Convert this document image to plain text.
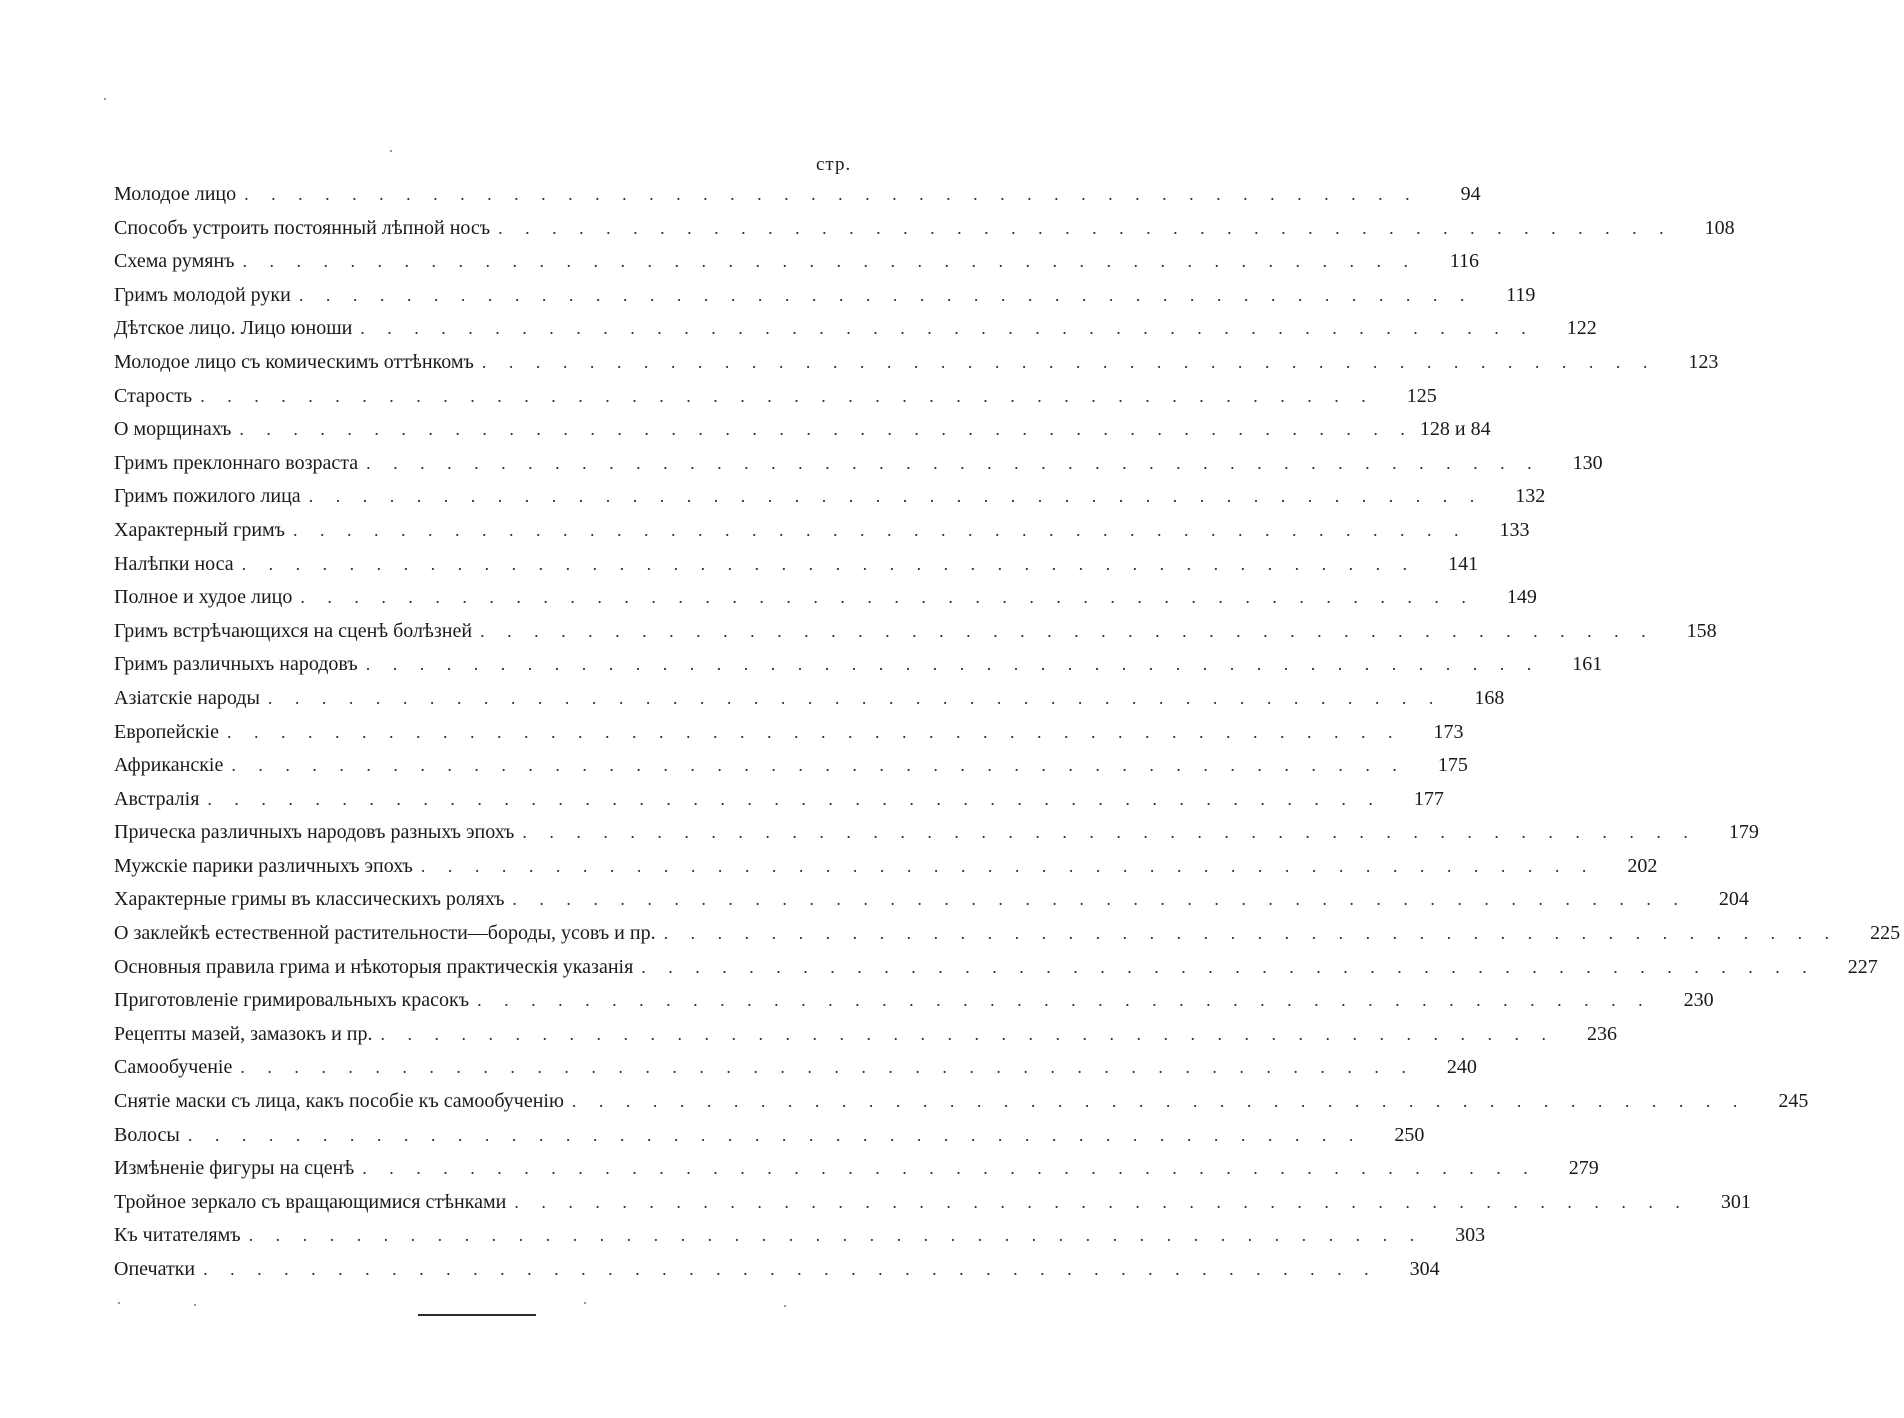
стр.
Молодое лицо . . . . . . . . . . . . . . . . . . . . . . . . . . . . . . . . . . . . . . . . . . . .	94
Способъ устроить постоянный лѣпной носъ . . . . . . . . . . . . . . . . . . . . . . . . . . . . . . . . . . . . . . . . . . . .	108
Схема румянъ . . . . . . . . . . . . . . . . . . . . . . . . . . . . . . . . . . . . . . . . . . . .	116
Гримъ молодой руки . . . . . . . . . . . . . . . . . . . . . . . . . . . . . . . . . . . . . . . . . . . .	119
Дѣтское лицо. Лицо юноши . . . . . . . . . . . . . . . . . . . . . . . . . . . . . . . . . . . . . . . . . . . .	122
Молодое лицо съ комическимъ оттѣнкомъ . . . . . . . . . . . . . . . . . . . . . . . . . . . . . . . . . . . . . . . . . . . .	123
Старость . . . . . . . . . . . . . . . . . . . . . . . . . . . . . . . . . . . . . . . . . . . .	125
О морщинахъ . . . . . . . . . . . . . . . . . . . . . . . . . . . . . . . . . . . . . . . . . . . . 128 и 84
Гримъ преклоннаго возраста . . . . . . . . . . . . . . . . . . . . . . . . . . . . . . . . . . . . . . . . . . . .	130
Гримъ пожилого лица . . . . . . . . . . . . . . . . . . . . . . . . . . . . . . . . . . . . . . . . . . . .	132
Характерный гримъ . . . . . . . . . . . . . . . . . . . . . . . . . . . . . . . . . . . . . . . . . . . .	133
Налѣпки носа . . . . . . . . . . . . . . . . . . . . . . . . . . . . . . . . . . . . . . . . . . . .	141
Полное и худое лицо . . . . . . . . . . . . . . . . . . . . . . . . . . . . . . . . . . . . . . . . . . . .	149
Гримъ встрѣчающихся на сценѣ болѣзней . . . . . . . . . . . . . . . . . . . . . . . . . . . . . . . . . . . . . . . . . . . .	158
Гримъ различныхъ народовъ . . . . . . . . . . . . . . . . . . . . . . . . . . . . . . . . . . . . . . . . . . . .	161
Азіатскіе народы . . . . . . . . . . . . . . . . . . . . . . . . . . . . . . . . . . . . . . . . . . . .	168
Европейскіе . . . . . . . . . . . . . . . . . . . . . . . . . . . . . . . . . . . . . . . . . . . .	173
Африканскіе . . . . . . . . . . . . . . . . . . . . . . . . . . . . . . . . . . . . . . . . . . . .	175
Австралія . . . . . . . . . . . . . . . . . . . . . . . . . . . . . . . . . . . . . . . . . . . .	177
Прическа различныхъ народовъ разныхъ эпохъ . . . . . . . . . . . . . . . . . . . . . . . . . . . . . . . . . . . . . . . . . . . .	179
Мужскіе парики различныхъ эпохъ . . . . . . . . . . . . . . . . . . . . . . . . . . . . . . . . . . . . . . . . . . . .	202
Характерные гримы въ классическихъ роляхъ . . . . . . . . . . . . . . . . . . . . . . . . . . . . . . . . . . . . . . . . . . . .	204
О заклейкѣ естественной растительности—бороды, усовъ и пр. . . . . . . . . . . . . . . . . . . . . . . . . . . . . . . . . . . . . . . . . . . . .	225
Основныя правила грима и нѣкоторыя практическія указанія . . . . . . . . . . . . . . . . . . . . . . . . . . . . . . . . . . . . . . . . . . . .	227
Приготовленіе гримировальныхъ красокъ . . . . . . . . . . . . . . . . . . . . . . . . . . . . . . . . . . . . . . . . . . . .	230
Рецепты мазей, замазокъ и пр. . . . . . . . . . . . . . . . . . . . . . . . . . . . . . . . . . . . . . . . . . . . .	236
Самообученіе . . . . . . . . . . . . . . . . . . . . . . . . . . . . . . . . . . . . . . . . . . . .	240
Снятіе маски съ лица, какъ пособіе къ самообученію . . . . . . . . . . . . . . . . . . . . . . . . . . . . . . . . . . . . . . . . . . . .	245
Волосы . . . . . . . . . . . . . . . . . . . . . . . . . . . . . . . . . . . . . . . . . . . .	250
Измѣненіе фигуры на сценѣ . . . . . . . . . . . . . . . . . . . . . . . . . . . . . . . . . . . . . . . . . . . .	279
Тройное зеркало съ вращающимися стѣнками . . . . . . . . . . . . . . . . . . . . . . . . . . . . . . . . . . . . . . . . . . . .	301
Къ читателямъ . . . . . . . . . . . . . . . . . . . . . . . . . . . . . . . . . . . . . . . . . . . .	303
Опечатки . . . . . . . . . . . . . . . . . . . . . . . . . . . . . . . . . . . . . . . . . . . .	304
